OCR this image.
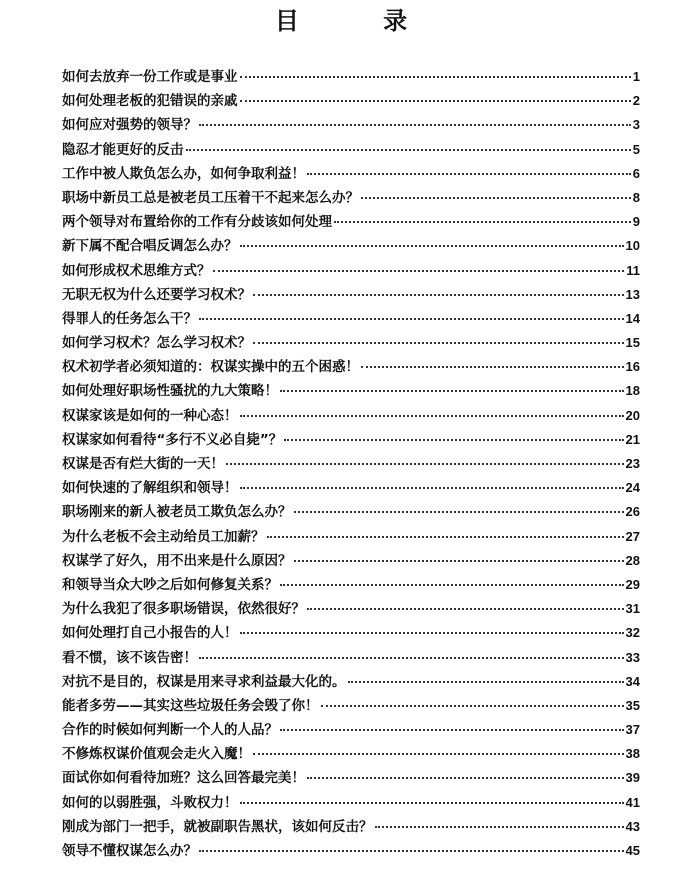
目 录
如何去放弃一份工作或是事业	1
如何处理老板的犯错误的亲戚	2
如何应对强势的领导？	3
隐忍才能更好的反击	5
工作中被人欺负怎么办，如何争取利益！	6
职场中新员工总是被老员工压着干不起来怎么办？	8
两个领导对布置给你的工作有分歧该如何处理	9
新下属不配合唱反调怎么办？	10
如何形成权术思维方式？	11
无职无权为什么还要学习权术？	13
得罪人的任务怎么干？	14
如何学习权术？怎么学习权术？	15
权术初学者必须知道的：权谋实操中的五个困惑！	16
如何处理好职场性骚扰的九大策略！	18
权谋家该是如何的一种心态！	20
权谋家如何看待“多行不义必自毙”？	21
权谋是否有烂大街的一天！	23
如何快速的了解组织和领导！	24
职场刚来的新人被老员工欺负怎么办？	26
为什么老板不会主动给员工加薪？	27
权谋学了好久，用不出来是什么原因？	28
和领导当众大吵之后如何修复关系？	29
为什么我犯了很多职场错误，依然很好？	31
如何处理打自己小报告的人！	32
看不惯，该不该告密！	33
对抗不是目的，权谋是用来寻求利益最大化的。	34
能者多劳——其实这些垃圾任务会毁了你！	35
合作的时候如何判断一个人的人品？	37
不修炼权谋价值观会走火入魔！	38
面试你如何看待加班？这么回答最完美！	39
如何的以弱胜强，斗败权力！	41
刚成为部门一把手，就被副职告黑状，该如何反击？	43
领导不懂权谋怎么办？	45
